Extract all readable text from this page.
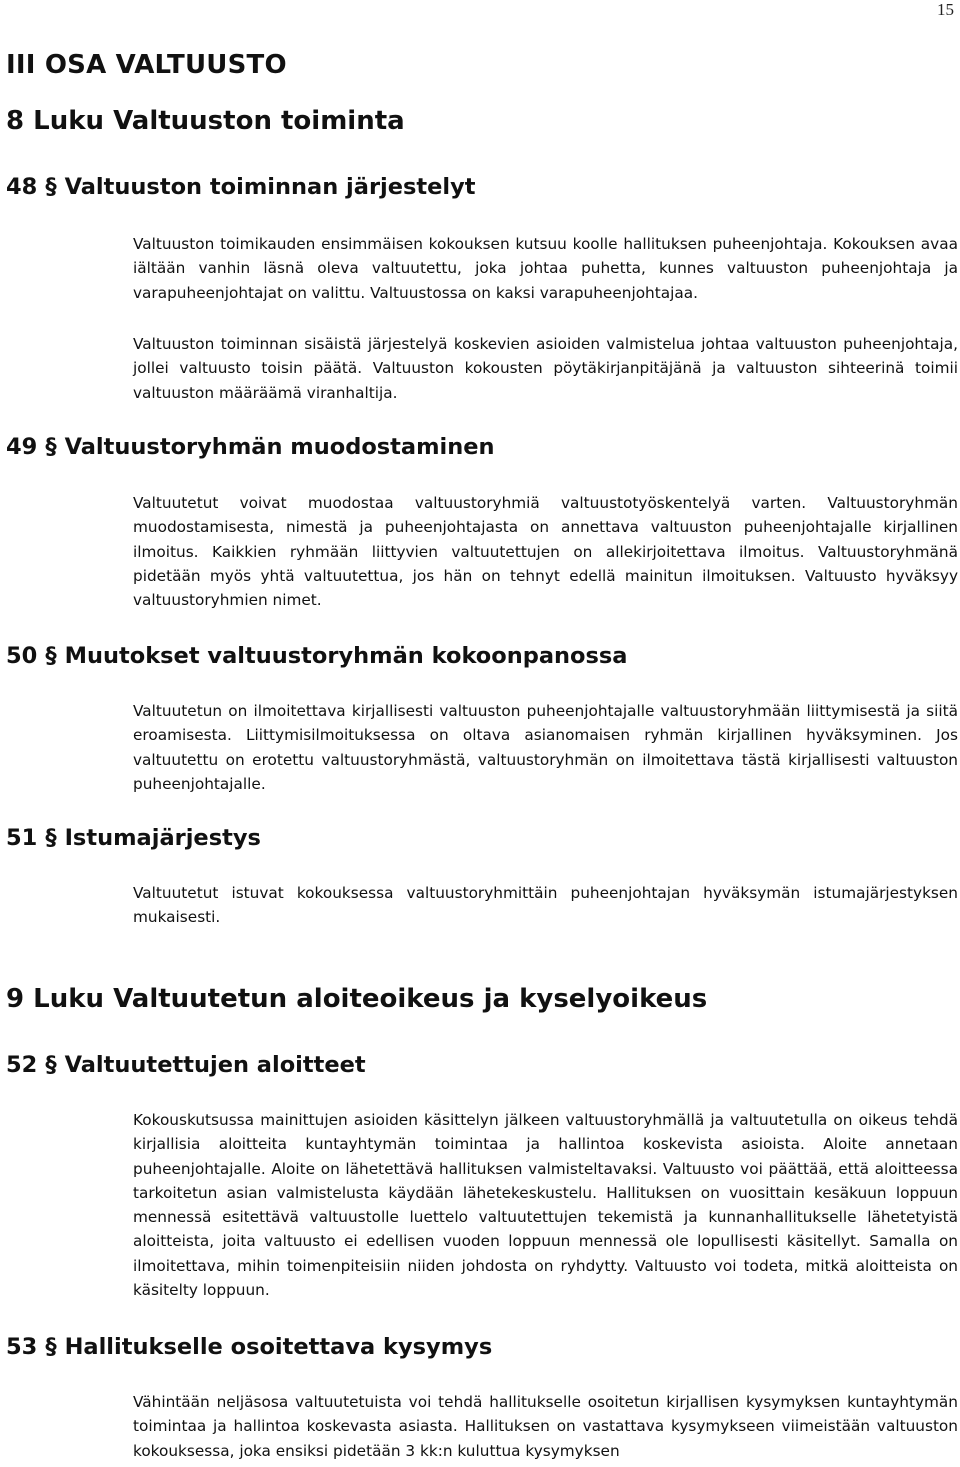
15
III OSA VALTUUSTO
8 Luku Valtuuston toiminta
48 § Valtuuston toiminnan järjestelyt
Valtuuston toimikauden ensimmäisen kokouksen kutsuu koolle hallituksen puheenjohtaja. Kokouksen avaa iältään vanhin läsnä oleva valtuutettu, joka johtaa puhetta, kunnes valtuuston puheenjohtaja ja varapuheenjohtajat on valittu. Valtuustossa on kaksi varapuheenjohtajaa.
Valtuuston toiminnan sisäistä järjestelyä koskevien asioiden valmistelua johtaa valtuuston puheenjohtaja, jollei valtuusto toisin päätä. Valtuuston kokousten pöytäkirjanpitäjänä ja valtuuston sihteerinä toimii valtuuston määräämä viranhaltija.
49 § Valtuustoryhmän muodostaminen
Valtuutetut voivat muodostaa valtuustoryhmiä valtuustotyöskentelyä varten. Valtuustoryhmän muodostamisesta, nimestä ja puheenjohtajasta on annettava valtuuston puheenjohtajalle kirjallinen ilmoitus. Kaikkien ryhmään liittyvien valtuutettujen on allekirjoitettava ilmoitus. Valtuustoryhmänä pidetään myös yhtä valtuutettua, jos hän on tehnyt edellä mainitun ilmoituksen. Valtuusto hyväksyy valtuustoryhmien nimet.
50 § Muutokset valtuustoryhmän kokoonpanossa
Valtuutetun on ilmoitettava kirjallisesti valtuuston puheenjohtajalle valtuustoryhmään liittymisestä ja siitä eroamisesta. Liittymisilmoituksessa on oltava asianomaisen ryhmän kirjallinen hyväksyminen. Jos valtuutettu on erotettu valtuustoryhmästä, valtuustoryhmän on ilmoitettava tästä kirjallisesti valtuuston puheenjohtajalle.
51 § Istumajärjestys
Valtuutetut istuvat kokouksessa valtuustoryhmittäin puheenjohtajan hyväksymän istumajärjestyksen mukaisesti.
9 Luku Valtuutetun aloiteoikeus ja kyselyoikeus
52 § Valtuutettujen aloitteet
Kokouskutsussa mainittujen asioiden käsittelyn jälkeen valtuustoryhmällä ja valtuutetulla on oikeus tehdä kirjallisia aloitteita kuntayhtymän toimintaa ja hallintoa koskevista asioista. Aloite annetaan puheenjohtajalle. Aloite on lähetettävä hallituksen valmisteltavaksi. Valtuusto voi päättää, että aloitteessa tarkoitetun asian valmistelusta käydään lähetekeskustelu. Hallituksen on vuosittain kesäkuun loppuun mennessä esitettävä valtuustolle luettelo valtuutettujen tekemistä ja kunnanhallitukselle lähetetyistä aloitteista, joita valtuusto ei edellisen vuoden loppuun mennessä ole lopullisesti käsitellyt. Samalla on ilmoitettava, mihin toimenpiteisiin niiden johdosta on ryhdytty. Valtuusto voi todeta, mitkä aloitteista on käsitelty loppuun.
53 § Hallitukselle osoitettava kysymys
Vähintään neljäsosa valtuutetuista voi tehdä hallitukselle osoitetun kirjallisen kysymyksen kuntayhtymän toimintaa ja hallintoa koskevasta asiasta. Hallituksen on vastattava kysymykseen viimeistään valtuuston kokouksessa, joka ensiksi pidetään 3 kk:n kuluttua kysymyksen
